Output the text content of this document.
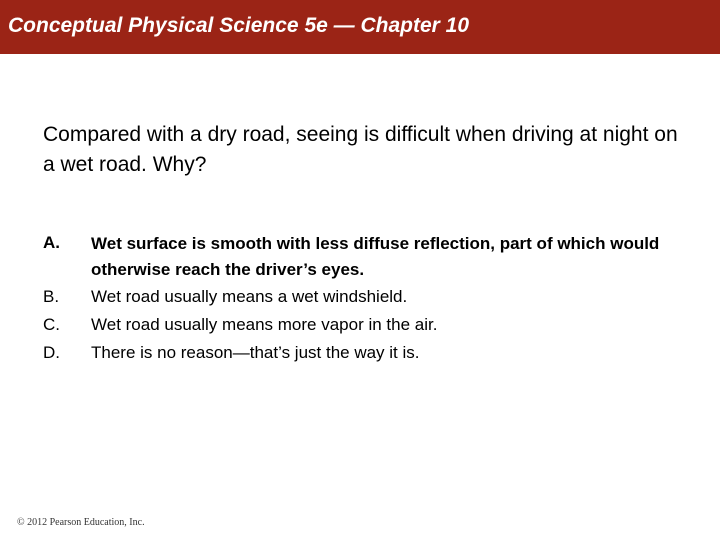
Conceptual Physical Science 5e — Chapter 10
Compared with a dry road, seeing is difficult when driving at night on a wet road. Why?
A.	Wet surface is smooth with less diffuse reflection, part of which would otherwise reach the driver’s eyes.
B.	Wet road usually means a wet windshield.
C.	Wet road usually means more vapor in the air.
D.	There is no reason—that’s just the way it is.
© 2012 Pearson Education, Inc.
